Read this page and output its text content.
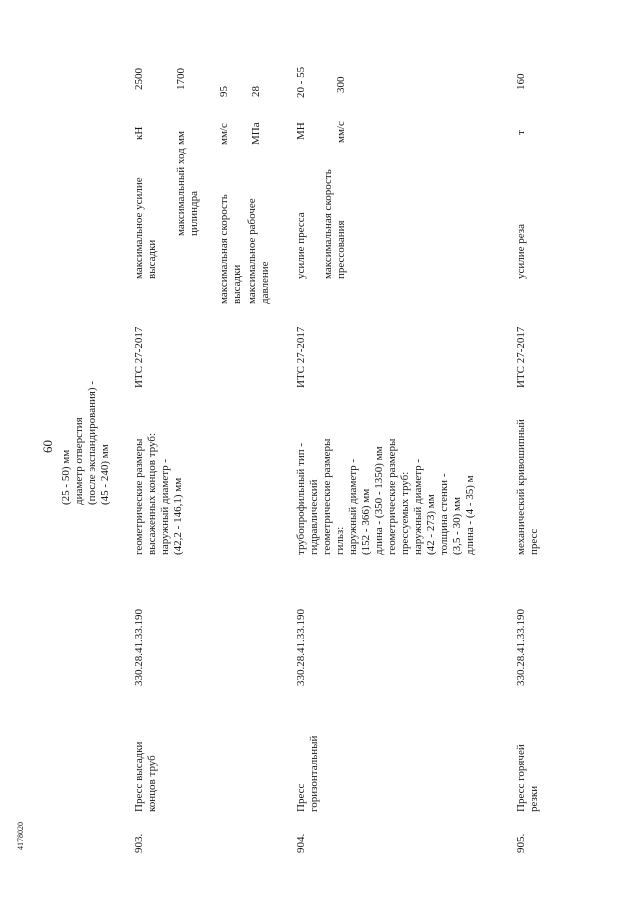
60
(25 - 50) мм диаметр отверстия (после экспандирования) - (45 - 240) мм
903.
Пресс высадки концов труб
330.28.41.33.190
геометрические размеры высаженных концов труб: наружный диаметр - (42,2 - 146,1) мм
ИТС 27-2017
максимальное усилие высадки
кН
2500
максимальный ход цилиндра
мм
1700
максимальная скорость высадки
мм/с
95
максимальное рабочее давление
МПа
28
904.
Пресс горизонтальный
330.28.41.33.190
трубопрофильный тип - гидравлический геометрические размеры гильз: наружный диаметр - (152 - 366) мм длина - (350 - 1350) мм геометрические размеры прессуемых труб: наружный диаметр - (42 - 273) мм толщина стенки - (3,5 - 30) мм длина - (4 - 35) м
ИТС 27-2017
усилие пресса
МН
20 - 55
максимальная скорость прессования
мм/с
300
905.
Пресс горячей резки
330.28.41.33.190
механический кривошипный пресс
ИТС 27-2017
усилие реза
т
160
4178020
